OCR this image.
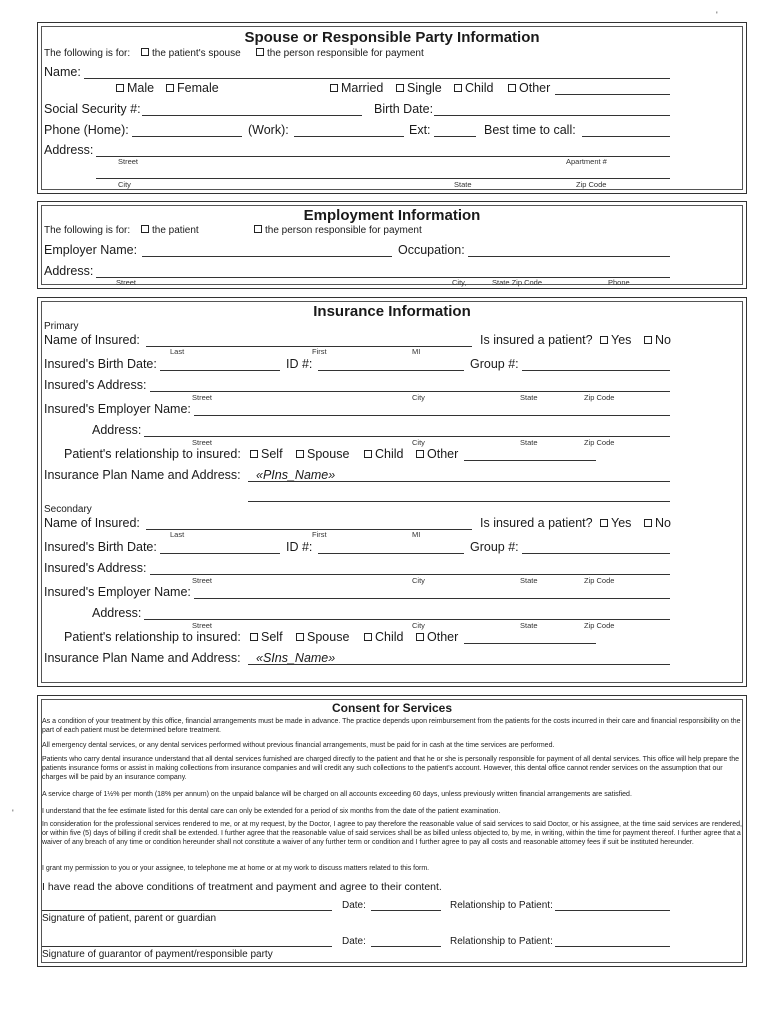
'
'
Spouse or Responsible Party Information
The following is for:	the patient's spouse	the person responsible for payment
Name:
Male	Female	Married	Single	Child	Other
Social Security #:	Birth Date:
Phone (Home):	(Work):	Ext:	Best time to call:
Address:
Street	Apartment #
City	State	Zip Code
Employment Information
The following is for:	the patient	the person responsible for payment
Employer Name:	Occupation:
Address:
Street	City,	State Zip Code	Phone
Insurance Information
Primary
Name of Insured:
Last	First	MI
Is insured a patient?	Yes	No
Insured's Birth Date:	ID #:	Group #:
Insured's Address:
Street	City	State	Zip Code
Insured's Employer Name:
Address:
Street	City	State	Zip Code
Patient's relationship to insured:	Self	Spouse	Child	Other
Insurance Plan Name and Address: «PIns_Name»
Secondary
Name of Insured:
Last	First	MI
Is insured a patient?	Yes	No
Insured's Birth Date:	ID #:	Group #:
Insured's Address:
Street	City	State	Zip Code
Insured's Employer Name:
Address:
Street	City	State	Zip Code
Patient's relationship to insured:	Self	Spouse	Child	Other
Insurance Plan Name and Address: «SIns_Name»
Consent for Services
As a condition of your treatment by this office, financial arrangements must be made in advance. The practice depends upon reimbursement from the patients for the costs incurred in their care and financial responsibility on the part of each patient must be determined before treatment.
All emergency dental services, or any dental services performed without previous financial arrangements, must be paid for in cash at the time services are performed.
Patients who carry dental insurance understand that all dental services furnished are charged directly to the patient and that he or she is personally responsible for payment of all dental services. This office will help prepare the patients insurance forms or assist in making collections from insurance companies and will credit any such collections to the patient's account. However, this dental office cannot render services on the assumption that our charges will be paid by an insurance company.
A service charge of 1½% per month (18% per annum) on the unpaid balance will be charged on all accounts exceeding 60 days, unless previously written financial arrangements are satisfied.
I understand that the fee estimate listed for this dental care can only be extended for a period of six months from the date of the patient examination.
In consideration for the professional services rendered to me, or at my request, by the Doctor, I agree to pay therefore the reasonable value of said services to said Doctor, or his assignee, at the time said services are rendered, or within five (5) days of billing if credit shall be extended. I further agree that the reasonable value of said services shall be as billed unless objected to, by me, in writing, within the time for payment thereof. I further agree that a waiver of any breach of any time or condition hereunder shall not constitute a waiver of any further term or condition and I further agree to pay all costs and reasonable attorney fees if suit be instituted hereunder.
I grant my permission to you or your assignee, to telephone me at home or at my work to discuss matters related to this form.
I have read the above conditions of treatment and payment and agree to their content.
Signature of patient, parent or guardian
Date:	Relationship to Patient:
Signature of guarantor of payment/responsible party
Date:	Relationship to Patient:
